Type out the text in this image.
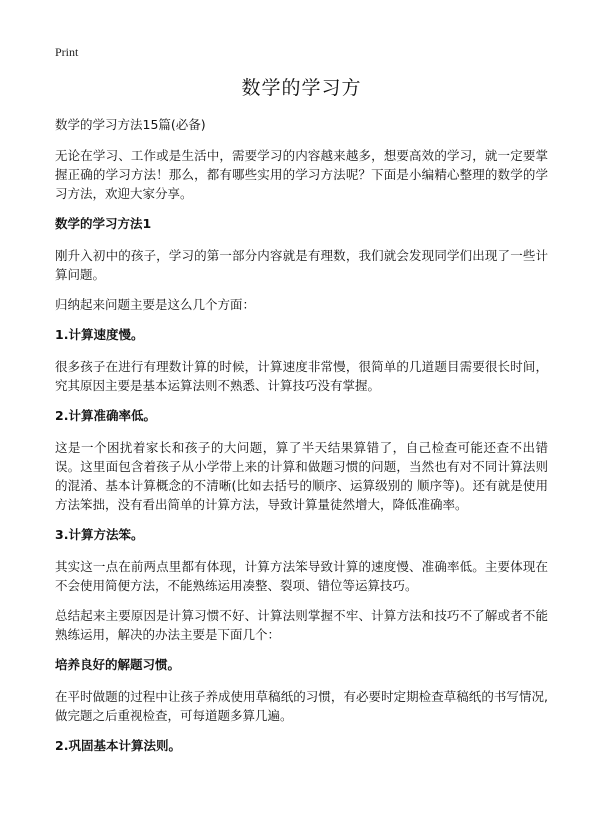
Print
数学的学习方

数学的学习方法15篇(必备)

无论在学习、工作或是生活中，需要学习的内容越来越多，想要高效的学习，就一定要掌握正确的学习方法！那么，都有哪些实用的学习方法呢？下面是小编精心整理的数学的学习方法，欢迎大家分享。

数学的学习方法1

刚升入初中的孩子，学习的第一部分内容就是有理数，我们就会发现同学们出现了一些计算问题。

归纳起来问题主要是这么几个方面：

1.计算速度慢。

很多孩子在进行有理数计算的时候，计算速度非常慢，很简单的几道题目需要很长时间，究其原因主要是基本运算法则不熟悉、计算技巧没有掌握。

2.计算准确率低。

这是一个困扰着家长和孩子的大问题，算了半天结果算错了，自己检查可能还查不出错误。这里面包含着孩子从小学带上来的计算和做题习惯的问题，当然也有对不同计算法则的混淆、基本计算概念的不清晰(比如去括号的顺序、运算级别的 顺序等)。还有就是使用方法笨拙，没有看出简单的计算方法，导致计算量徒然增大，降低准确率。

3.计算方法笨。

其实这一点在前两点里都有体现，计算方法笨导致计算的速度慢、准确率低。主要体现在不会使用简便方法，不能熟练运用凑整、裂项、错位等运算技巧。

总结起来主要原因是计算习惯不好、计算法则掌握不牢、计算方法和技巧不了解或者不能熟练运用，解决的办法主要是下面几个：

培养良好的解题习惯。

在平时做题的过程中让孩子养成使用草稿纸的习惯，有必要时定期检查草稿纸的书写情况,做完题之后重视检查，可每道题多算几遍。

2.巩固基本计算法则。
